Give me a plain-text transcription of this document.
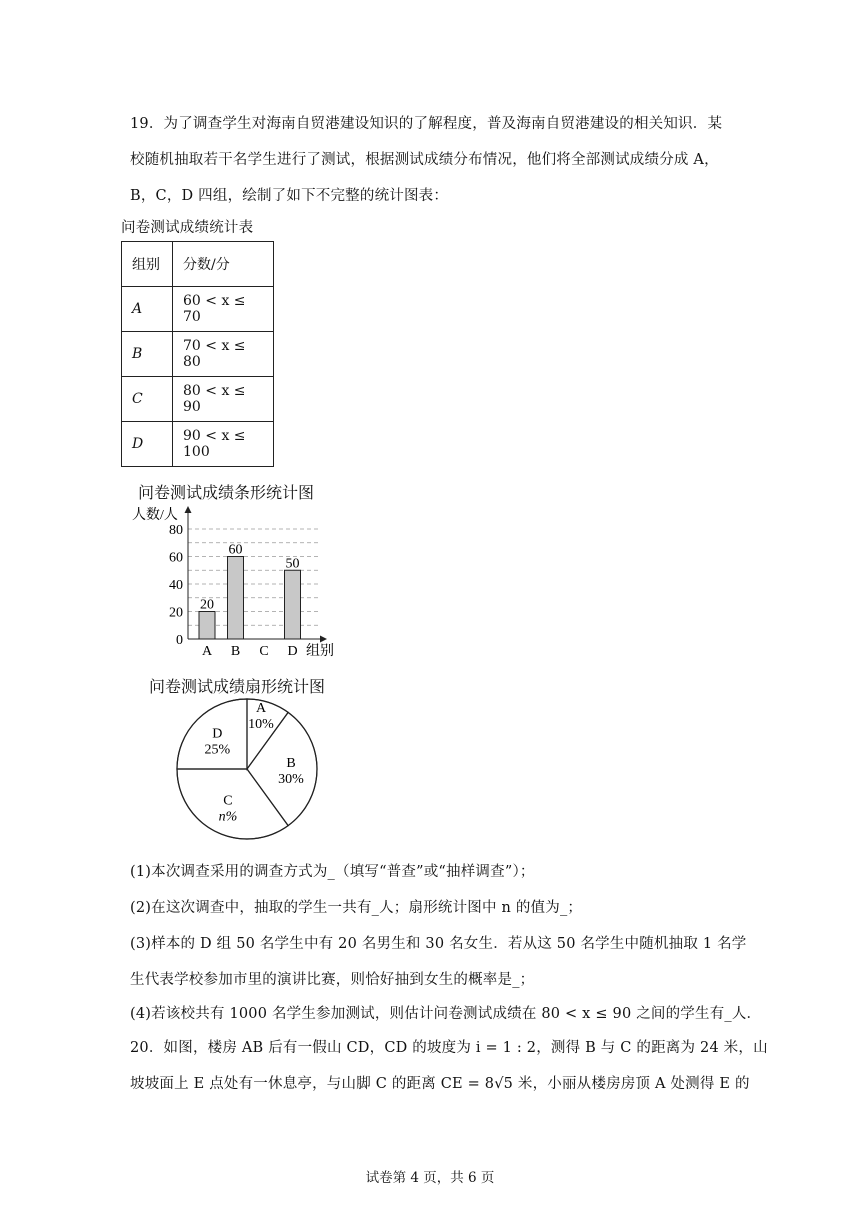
19．为了调查学生对海南自贸港建设知识的了解程度，普及海南自贸港建设的相关知识．某
校随机抽取若干名学生进行了测试，根据测试成绩分布情况，他们将全部测试成绩分成 A，
B，C，D 四组，绘制了如下不完整的统计图表：
问卷测试成绩统计表
组别	分数/分
A	60 < x ≤ 70
B	70 < x ≤ 80
C	80 < x ≤ 90
D	90 < x ≤ 100
问卷测试成绩条形统计图
人数/人
0
20
40
60
80
20
60
50
A B C D 组别
问卷测试成绩扇形统计图
A
10%
B
30%
C
n%
D
25%
(1)本次调查采用的调查方式为_（填写“普查”或“抽样调查”）；
(2)在这次调查中，抽取的学生一共有_人；扇形统计图中 n 的值为_；
(3)样本的 D 组 50 名学生中有 20 名男生和 30 名女生．若从这 50 名学生中随机抽取 1 名学
生代表学校参加市里的演讲比赛，则恰好抽到女生的概率是_；
(4)若该校共有 1000 名学生参加测试，则估计问卷测试成绩在 80 < x ≤ 90 之间的学生有_人．
20．如图，楼房 AB 后有一假山 CD，CD 的坡度为 i = 1 : 2，测得 B 与 C 的距离为 24 米，山
坡坡面上 E 点处有一休息亭，与山脚 C 的距离 CE = 8√5 米，小丽从楼房房顶 A 处测得 E 的
试卷第 4 页，共 6 页
